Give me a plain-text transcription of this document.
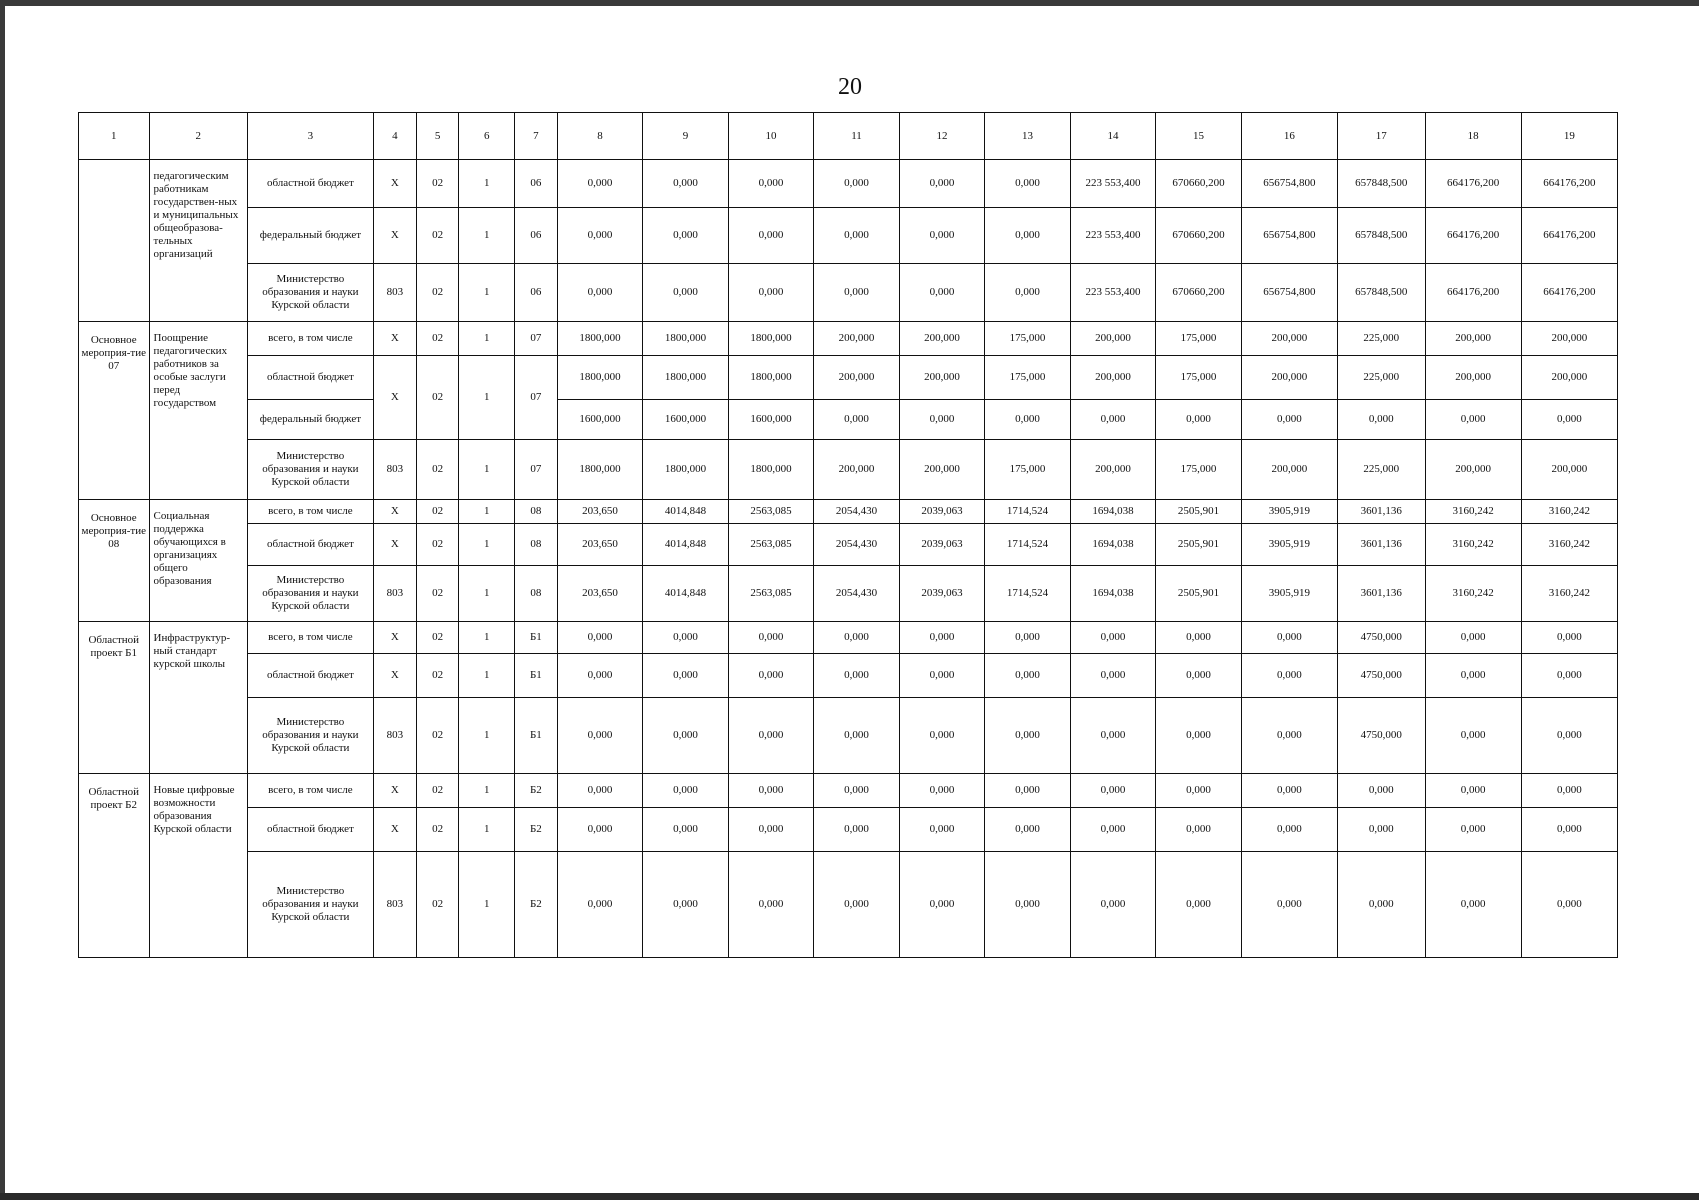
20
1	2	3	4	5	6	7	8	9	10	11	12	13	14	15	16	17	18	19
	педагогическим работникам государствен-ных и муниципальных общеобразова-тельных организаций	областной бюджет	X	02	1	06	0,000	0,000	0,000	0,000	0,000	0,000	223 553,400	670660,200	656754,800	657848,500	664176,200	664176,200
		федеральный бюджет	X	02	1	06	0,000	0,000	0,000	0,000	0,000	0,000	223 553,400	670660,200	656754,800	657848,500	664176,200	664176,200
		Министерство образования и науки Курской области	803	02	1	06	0,000	0,000	0,000	0,000	0,000	0,000	223 553,400	670660,200	656754,800	657848,500	664176,200	664176,200
Основное мероприя-тие 07	Поощрение педагогических работников за особые заслуги перед государством	всего, в том числе	X	02	1	07	1800,000	1800,000	1800,000	200,000	200,000	175,000	200,000	175,000	200,000	225,000	200,000	200,000
		областной бюджет	X	02	1	07	1800,000	1800,000	1800,000	200,000	200,000	175,000	200,000	175,000	200,000	225,000	200,000	200,000
		федеральный бюджет					1600,000	1600,000	1600,000	0,000	0,000	0,000	0,000	0,000	0,000	0,000	0,000	0,000
		Министерство образования и науки Курской области	803	02	1	07	1800,000	1800,000	1800,000	200,000	200,000	175,000	200,000	175,000	200,000	225,000	200,000	200,000
Основное мероприя-тие 08	Социальная поддержка обучающихся в организациях общего образования	всего, в том числе	X	02	1	08	203,650	4014,848	2563,085	2054,430	2039,063	1714,524	1694,038	2505,901	3905,919	3601,136	3160,242	3160,242
		областной бюджет	X	02	1	08	203,650	4014,848	2563,085	2054,430	2039,063	1714,524	1694,038	2505,901	3905,919	3601,136	3160,242	3160,242
		Министерство образования и науки Курской области	803	02	1	08	203,650	4014,848	2563,085	2054,430	2039,063	1714,524	1694,038	2505,901	3905,919	3601,136	3160,242	3160,242
Областной проект Б1	Инфраструктур-ный стандарт курской школы	всего, в том числе	X	02	1	Б1	0,000	0,000	0,000	0,000	0,000	0,000	0,000	0,000	0,000	4750,000	0,000	0,000
		областной бюджет	X	02	1	Б1	0,000	0,000	0,000	0,000	0,000	0,000	0,000	0,000	0,000	4750,000	0,000	0,000
		Министерство образования и науки Курской области	803	02	1	Б1	0,000	0,000	0,000	0,000	0,000	0,000	0,000	0,000	0,000	4750,000	0,000	0,000
Областной проект Б2	Новые цифровые возможности образования Курской области	всего, в том числе	X	02	1	Б2	0,000	0,000	0,000	0,000	0,000	0,000	0,000	0,000	0,000	0,000	0,000	0,000
		областной бюджет	X	02	1	Б2	0,000	0,000	0,000	0,000	0,000	0,000	0,000	0,000	0,000	0,000	0,000	0,000
		Министерство образования и науки Курской области	803	02	1	Б2	0,000	0,000	0,000	0,000	0,000	0,000	0,000	0,000	0,000	0,000	0,000	0,000
